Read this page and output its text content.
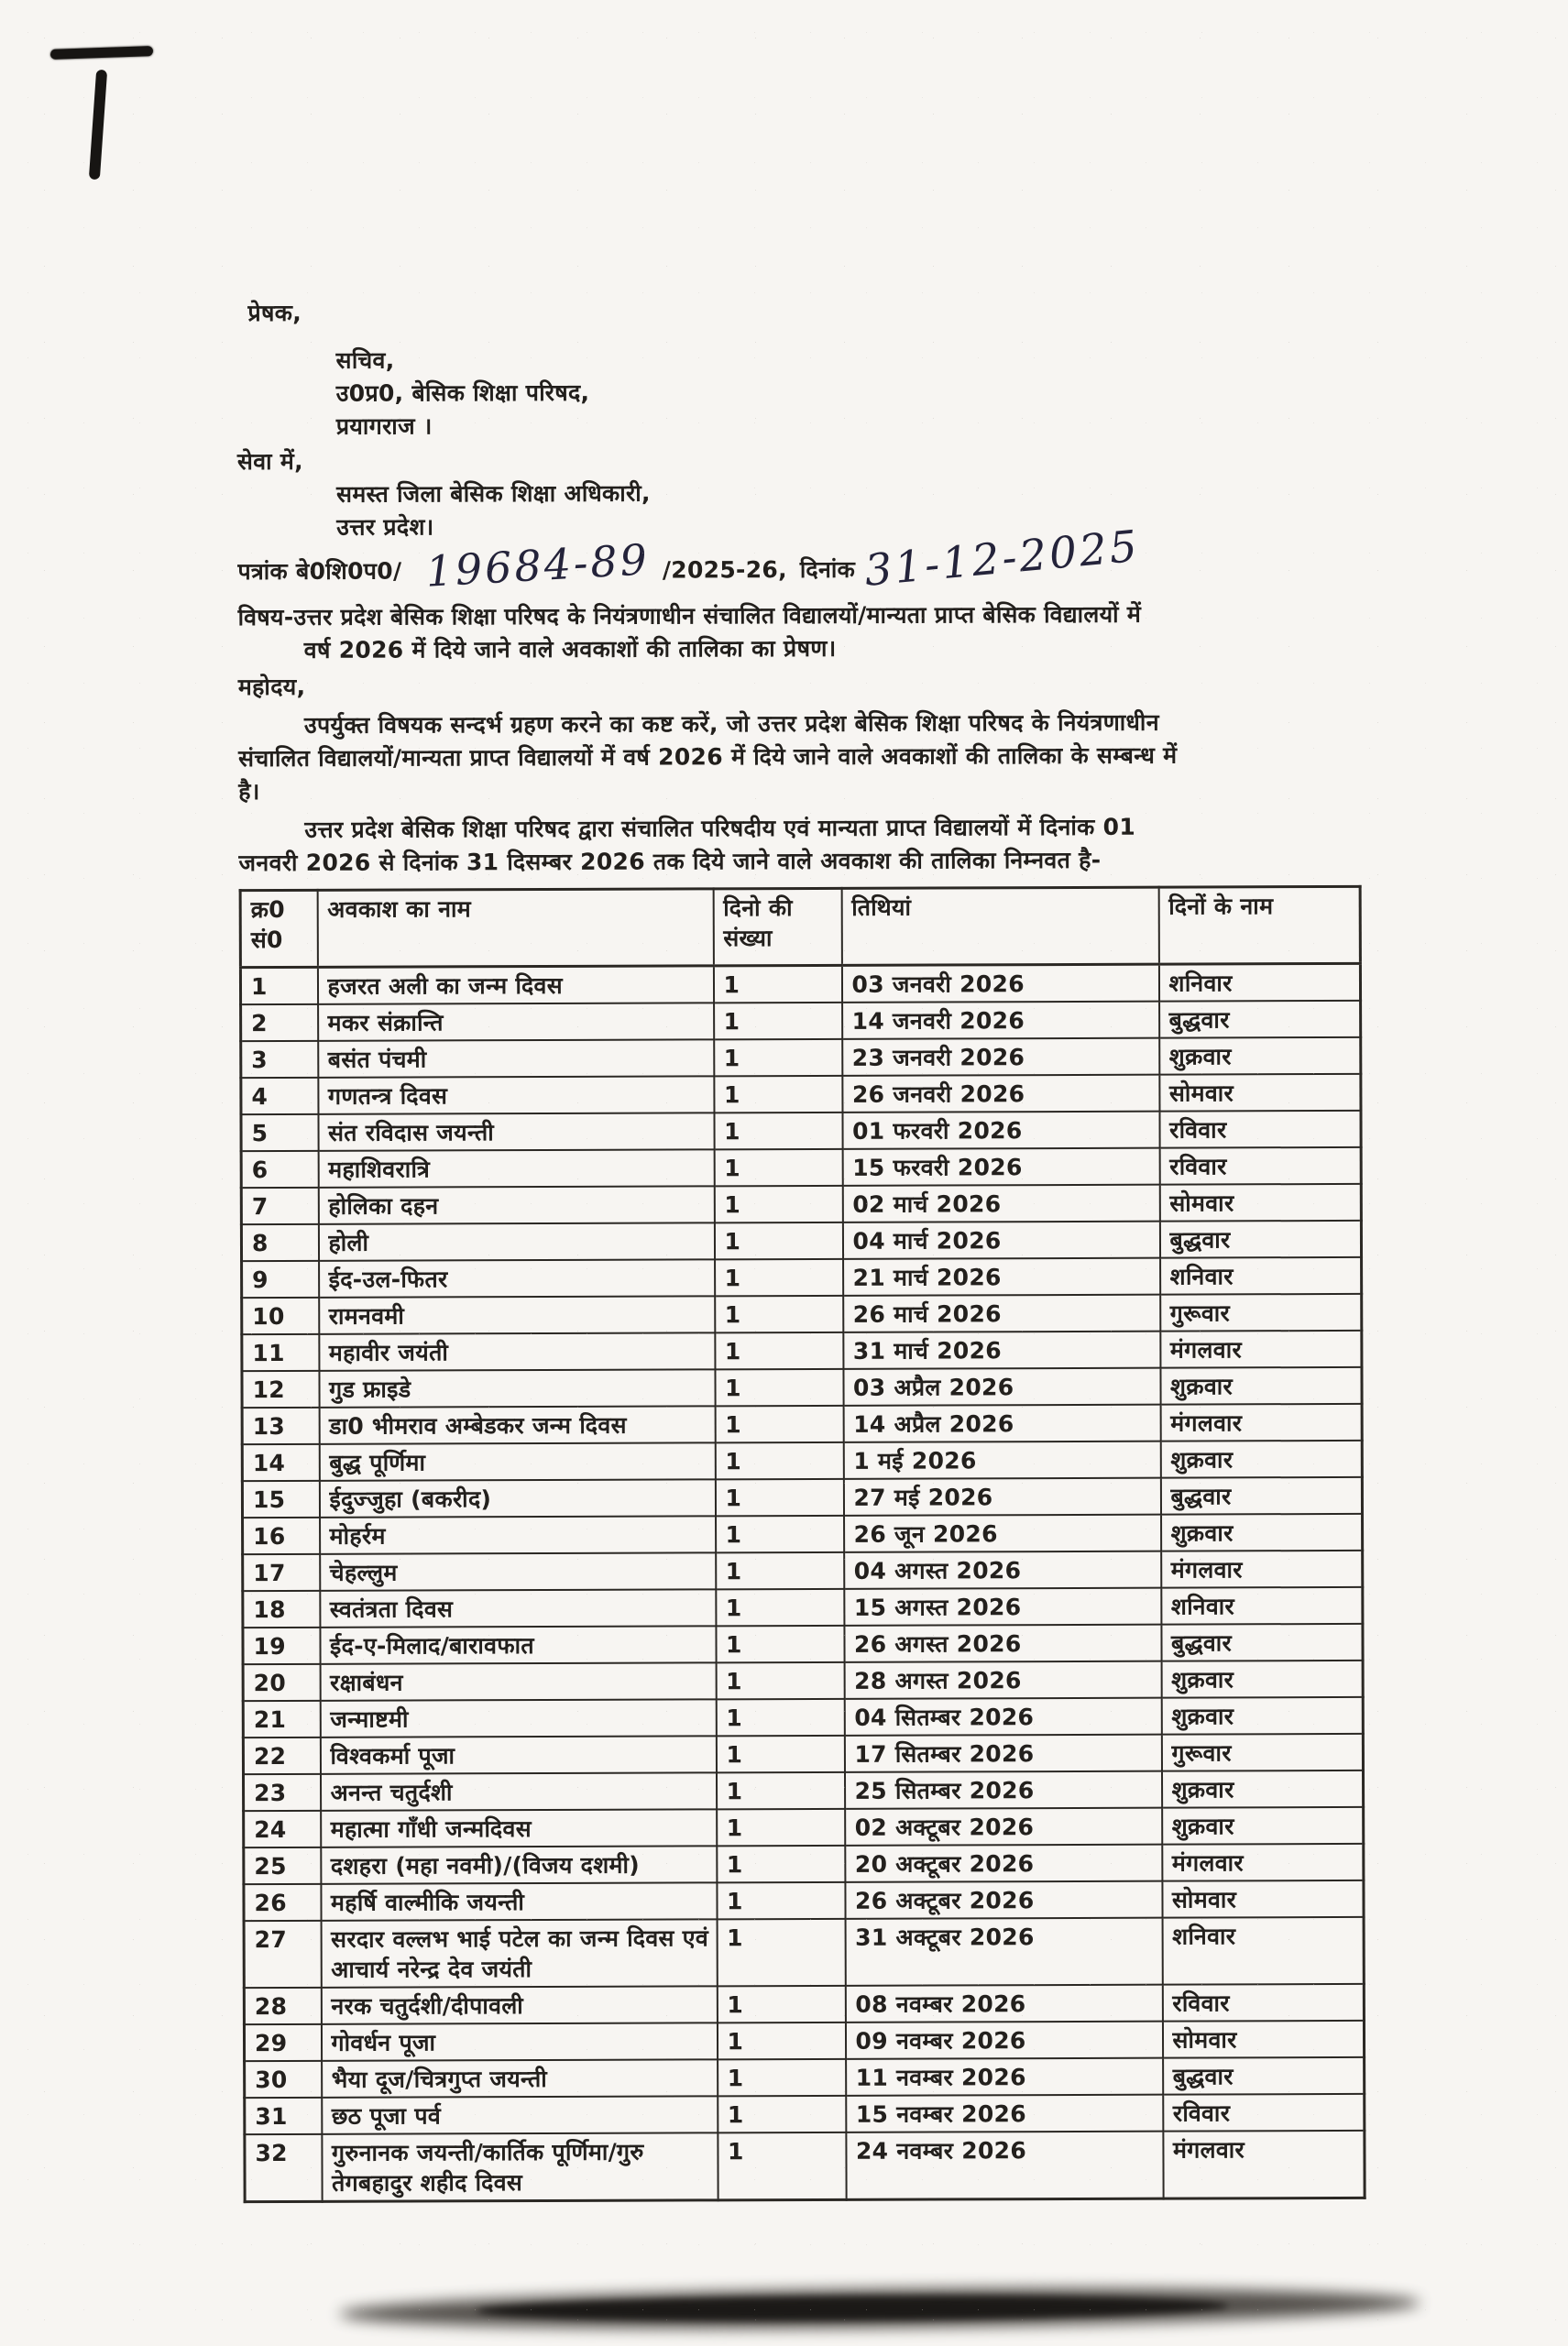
प्रेषक,
सचिव,
उ0प्र0, बेसिक शिक्षा परिषद,
प्रयागराज ।
सेवा में,
समस्त जिला बेसिक शिक्षा अधिकारी,
उत्तर प्रदेश।
पत्रांक बे0शि0प0/ 19684-89 /2025-26, दिनांक 31-12-2025
विषय-उत्तर प्रदेश बेसिक शिक्षा परिषद के नियंत्रणाधीन संचालित विद्यालयों/मान्यता प्राप्त बेसिक विद्यालयों में
वर्ष 2026 में दिये जाने वाले अवकाशों की तालिका का प्रेषण।
महोदय,
उपर्युक्त विषयक सन्दर्भ ग्रहण करने का कष्ट करें, जो उत्तर प्रदेश बेसिक शिक्षा परिषद के नियंत्रणाधीन
संचालित विद्यालयों/मान्यता प्राप्त विद्यालयों में वर्ष 2026 में दिये जाने वाले अवकाशों की तालिका के सम्बन्ध में
है।
उत्तर प्रदेश बेसिक शिक्षा परिषद द्वारा संचालित परिषदीय एवं मान्यता प्राप्त विद्यालयों में दिनांक 01
जनवरी 2026 से दिनांक 31 दिसम्बर 2026 तक दिये जाने वाले अवकाश की तालिका निम्नवत है-
क्र0 सं0	अवकाश का नाम	दिनो की संख्या	तिथियां	दिनों के नाम
1	हजरत अली का जन्म दिवस	1	03 जनवरी 2026	शनिवार
2	मकर संक्रान्ति	1	14 जनवरी 2026	बुद्धवार
3	बसंत पंचमी	1	23 जनवरी 2026	शुक्रवार
4	गणतन्त्र दिवस	1	26 जनवरी 2026	सोमवार
5	संत रविदास जयन्ती	1	01 फरवरी 2026	रविवार
6	महाशिवरात्रि	1	15 फरवरी 2026	रविवार
7	होलिका दहन	1	02 मार्च 2026	सोमवार
8	होली	1	04 मार्च 2026	बुद्धवार
9	ईद-उल-फितर	1	21 मार्च 2026	शनिवार
10	रामनवमी	1	26 मार्च 2026	गुरूवार
11	महावीर जयंती	1	31 मार्च 2026	मंगलवार
12	गुड फ्राइडे	1	03 अप्रैल 2026	शुक्रवार
13	डा0 भीमराव अम्बेडकर जन्म दिवस	1	14 अप्रैल 2026	मंगलवार
14	बुद्ध पूर्णिमा	1	1 मई 2026	शुक्रवार
15	ईदुज्जुहा (बकरीद)	1	27 मई 2026	बुद्धवार
16	मोहर्रम	1	26 जून 2026	शुक्रवार
17	चेहल्लुम	1	04 अगस्त 2026	मंगलवार
18	स्वतंत्रता दिवस	1	15 अगस्त 2026	शनिवार
19	ईद-ए-मिलाद/बारावफात	1	26 अगस्त 2026	बुद्धवार
20	रक्षाबंधन	1	28 अगस्त 2026	शुक्रवार
21	जन्माष्टमी	1	04 सितम्बर 2026	शुक्रवार
22	विश्वकर्मा पूजा	1	17 सितम्बर 2026	गुरूवार
23	अनन्त चतुर्दशी	1	25 सितम्बर 2026	शुक्रवार
24	महात्मा गाँधी जन्मदिवस	1	02 अक्टूबर 2026	शुक्रवार
25	दशहरा (महा नवमी)/(विजय दशमी)	1	20 अक्टूबर 2026	मंगलवार
26	महर्षि वाल्मीकि जयन्ती	1	26 अक्टूबर 2026	सोमवार
27	सरदार वल्लभ भाई पटेल का जन्म दिवस एवं आचार्य नरेन्द्र देव जयंती	1	31 अक्टूबर 2026	शनिवार
28	नरक चतुर्दशी/दीपावली	1	08 नवम्बर 2026	रविवार
29	गोवर्धन पूजा	1	09 नवम्बर 2026	सोमवार
30	भैया दूज/चित्रगुप्त जयन्ती	1	11 नवम्बर 2026	बुद्धवार
31	छठ पूजा पर्व	1	15 नवम्बर 2026	रविवार
32	गुरुनानक जयन्ती/कार्तिक पूर्णिमा/गुरु तेगबहादुर शहीद दिवस	1	24 नवम्बर 2026	मंगलवार
